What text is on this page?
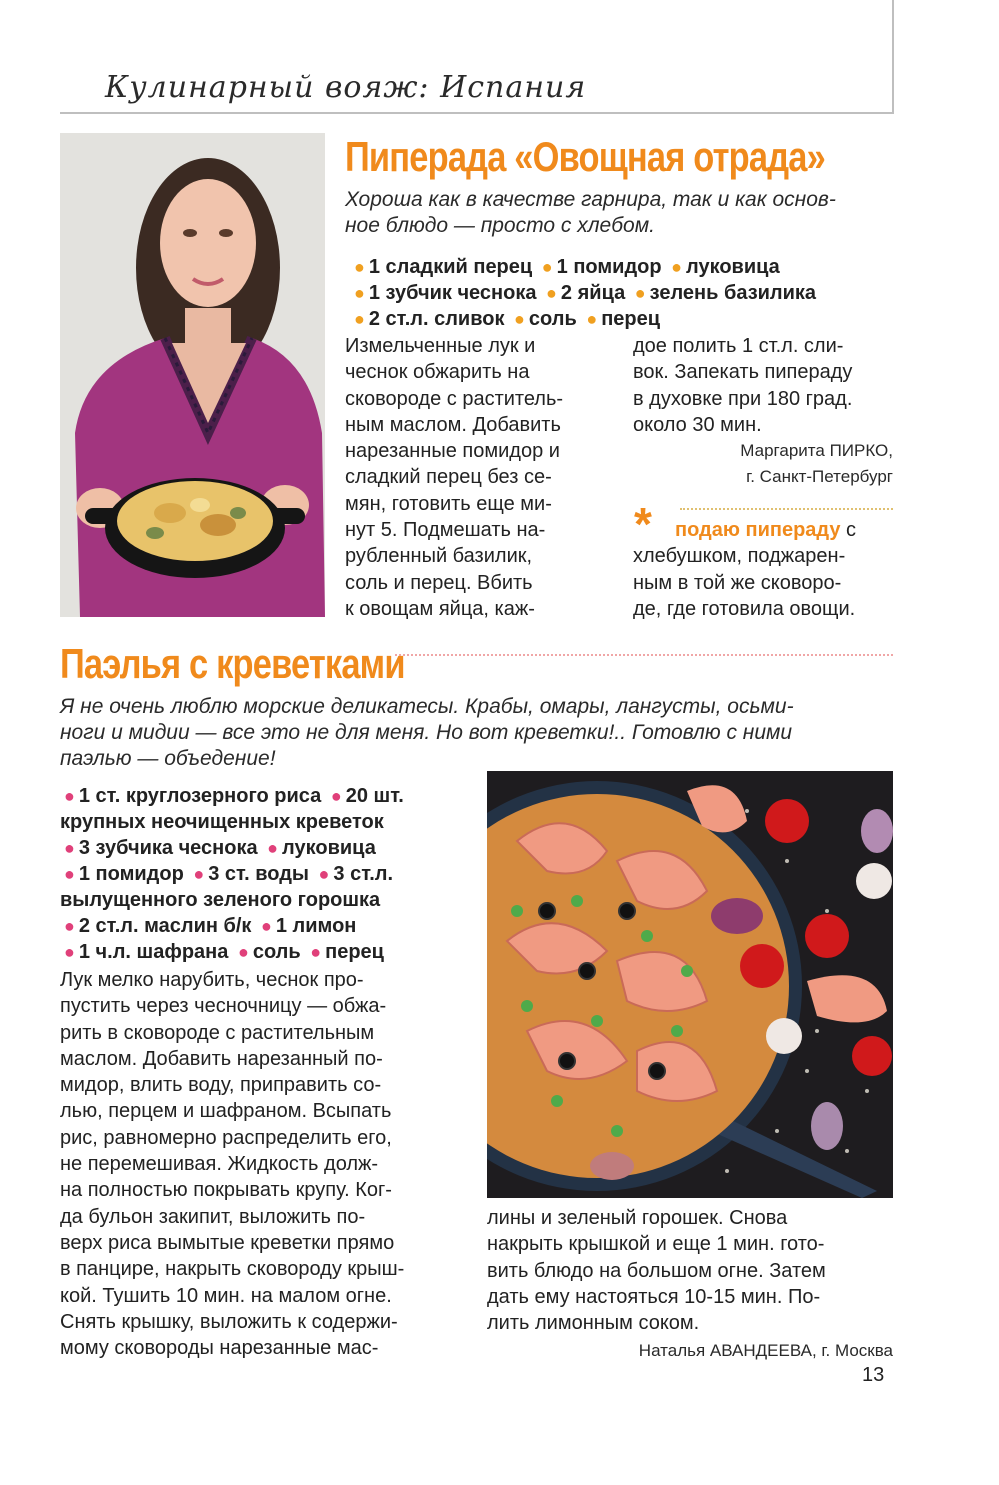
Кулинарный вояж: Испания
Пиперада «Овощная отрада»
Хороша как в качестве гарнира, так и как основ-
ное блюдо — просто с хлебом.
● 1 сладкий перец ● 1 помидор ● луковица
● 1 зубчик чеснока ● 2 яйца ● зелень базилика
● 2 ст.л. сливок ● соль ● перец

Измельченные лук и

чеснок обжарить на

сковороде с раститель-

ным маслом. Добавить

нарезанные помидор и

сладкий перец без се-

мян, готовить еще ми-

нут 5. Подмешать на-

рубленный базилик,

соль и перец. Вбить

к овощам яйца, каж-

дое полить 1 ст.л. сли-

вок. Запекать пипераду

в духовке при 180 град.

около 30 мин.

Маргарита ПИРКО,
г. Санкт-Петербург
*	подаю пипераду с

хлебушком, поджарен-

ным в той же сковоро-

де, где готовила овощи.

Паэлья с креветками
Я не очень люблю морские деликатесы. Крабы, омары, лангусты, осьми-
ноги и мидии — все это не для меня. Но вот креветки!.. Готовлю с ними
паэлью — объедение!
● 1 ст. круглозерного риса ● 20 шт.
крупных неочищенных креветок
● 3 зубчика чеснока ● луковица
● 1 помидор ● 3 ст. воды ● 3 ст.л.
вылущенного зеленого горошка
● 2 ст.л. маслин б/к ● 1 лимон
● 1 ч.л. шафрана ● соль ● перец

Лук мелко нарубить, чеснок про-

пустить через чесночницу — обжа-

рить в сковороде с растительным

маслом. Добавить нарезанный по-

мидор, влить воду, приправить со-

лью, перцем и шафраном. Всыпать

рис, равномерно распределить его,

не перемешивая. Жидкость долж-

на полностью покрывать крупу. Ког-

да бульон закипит, выложить по-

верх риса вымытые креветки прямо

в панцире, накрыть сковороду крыш-

кой. Тушить 10 мин. на малом огне.

Снять крышку, выложить к содержи-

мому сковороды нарезанные мас-

лины и зеленый горошек. Снова

накрыть крышкой и еще 1 мин. гото-

вить блюдо на большом огне. Затем

дать ему настояться 10-15 мин. По-

лить лимонным соком.

Наталья АВАНДЕЕВА, г. Москва
13
